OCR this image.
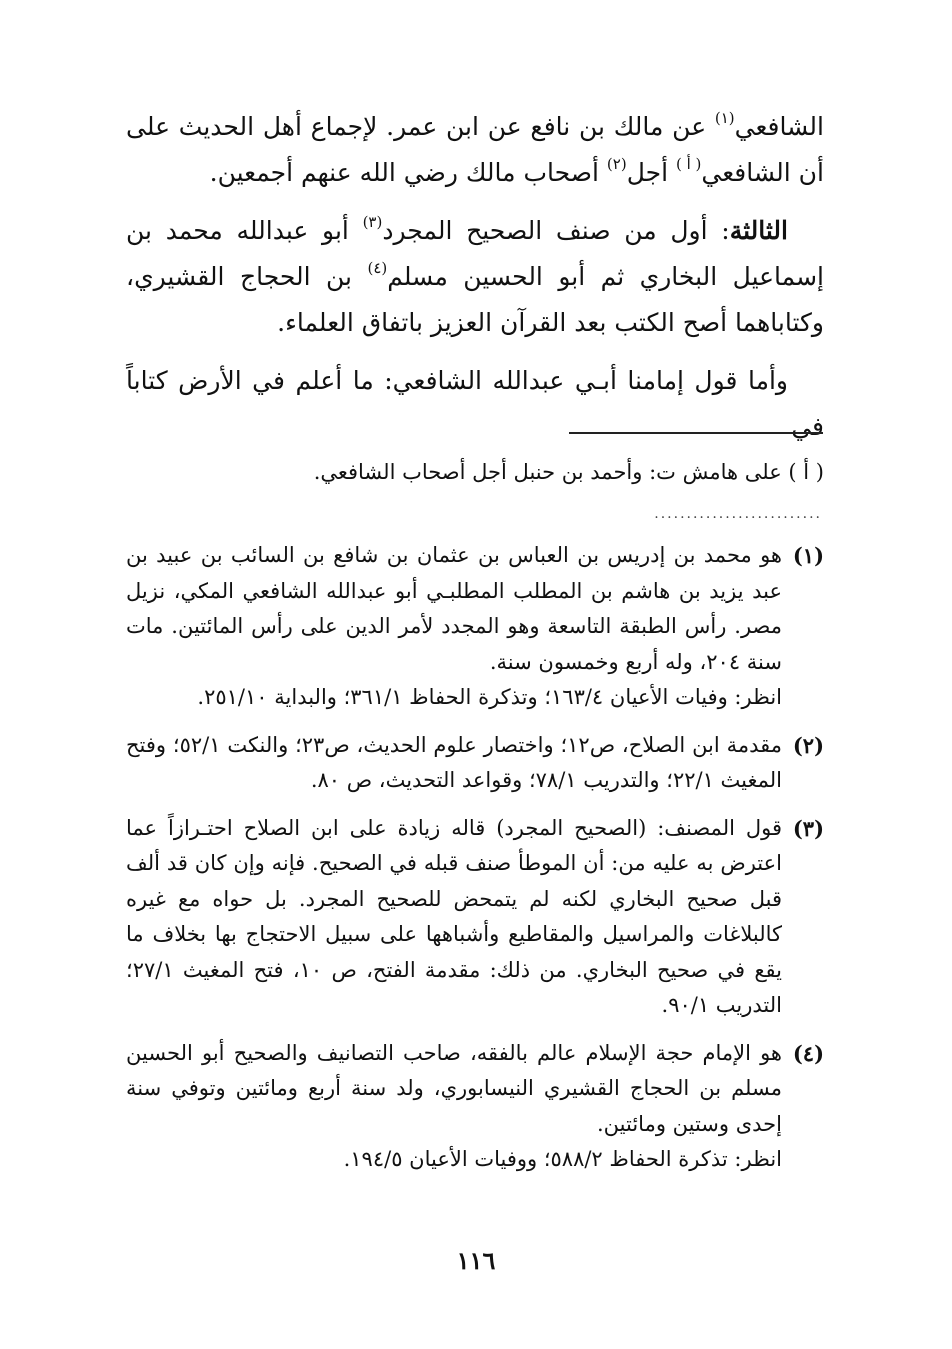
الشافعي$^{(١)}$ عن مالك بن نافع عن ابن عمر. لإجماع أهل الحديث على أن الشافعي$^{( أ )}$ أجل$^{(٢)}$ أصحاب مالك رضي الله عنهم أجمعين.

الثالثة: أول من صنف الصحيح المجرد$^{(٣)}$ أبو عبدالله محمد بن إسماعيل البخاري ثم أبو الحسين مسلم$^{(٤)}$ بن الحجاج القشيري، وكتاباهما أصح الكتب بعد القرآن العزيز باتفاق العلماء.

وأما قول إمامنا أبـي عبدالله الشافعي: ما أعلم في الأرض كتاباً في

( أ ) على هامش ت: وأحمد بن حنبل أجل أصحاب الشافعي.
..........................
(١)
هو محمد بن إدريس بن العباس بن عثمان بن شافع بن السائب بن عبيد بن عبد يزيد بن هاشم بن المطلب المطلبـي أبو عبدالله الشافعي المكي، نزيل مصر. رأس الطبقة التاسعة وهو المجدد لأمر الدين على رأس المائتين. مات سنة ٢٠٤، وله أربع وخمسون سنة.
انظر: وفيات الأعيان ١٦٣/٤؛ وتذكرة الحفاظ ٣٦١/١؛ والبداية ٢٥١/١٠.
(٢)
مقدمة ابن الصلاح، ص١٢؛ واختصار علوم الحديث، ص٢٣؛ والنكت ٥٢/١؛ وفتح المغيث ٢٢/١؛ والتدريب ٧٨/١؛ وقواعد التحديث، ص ٨٠.
(٣)
قول المصنف: (الصحيح المجرد) قاله زيادة على ابن الصلاح احتـرازاً عما اعترض به عليه من: أن الموطأ صنف قبله في الصحيح. فإنه وإن كان قد ألف قبل صحيح البخاري لكنه لم يتمحض للصحيح المجرد. بل حواه مع غيره كالبلاغات والمراسيل والمقاطيع وأشباهها على سبيل الاحتجاج بها بخلاف ما يقع في صحيح البخاري. من ذلك: مقدمة الفتح، ص ١٠، فتح المغيث ٢٧/١؛ التدريب ٩٠/١.
(٤)
هو الإمام حجة الإسلام عالم بالفقه، صاحب التصانيف والصحيح أبو الحسين مسلم بن الحجاج القشيري النيسابوري، ولد سنة أربع ومائتين وتوفي سنة إحدى وستين ومائتين.
انظر: تذكرة الحفاظ ٥٨٨/٢؛ ووفيات الأعيان ١٩٤/٥.
١١٦
